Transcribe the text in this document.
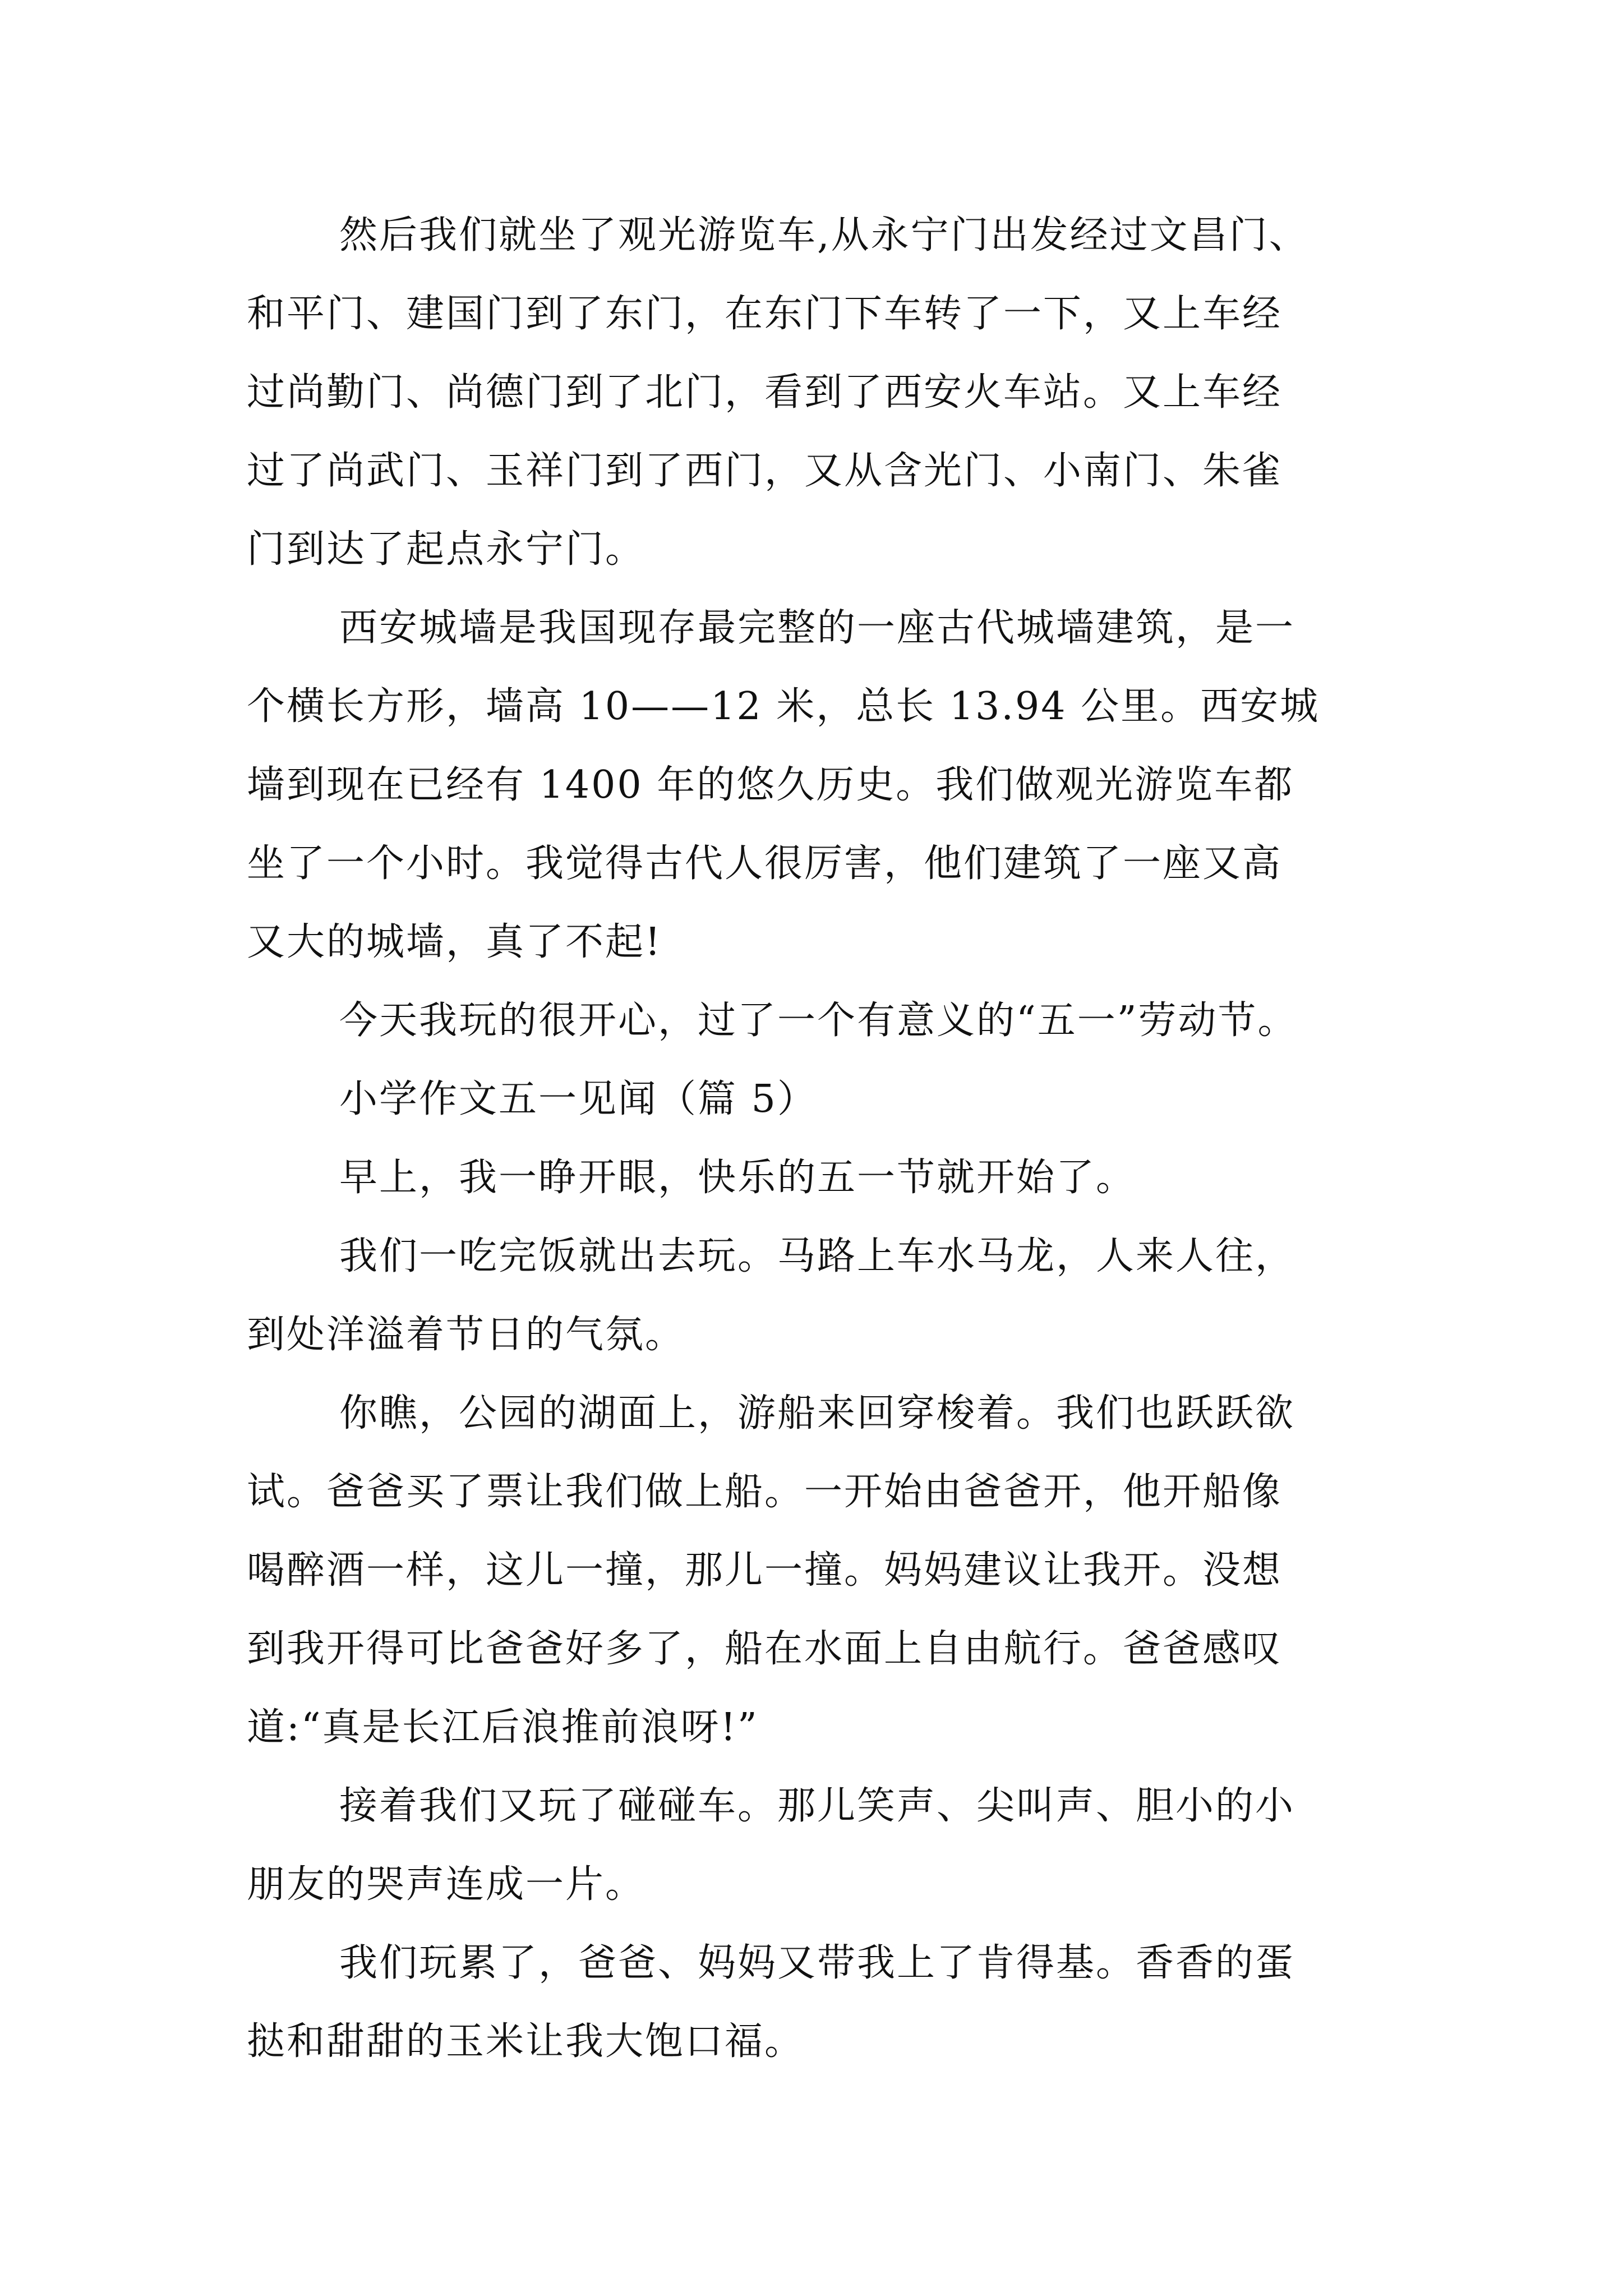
然后我们就坐了观光游览车,从永宁门出发经过文昌门、

和平门、建国门到了东门，在东门下车转了一下，又上车经

过尚勤门、尚德门到了北门，看到了西安火车站。又上车经

过了尚武门、玉祥门到了西门，又从含光门、小南门、朱雀

门到达了起点永宁门。

西安城墙是我国现存最完整的一座古代城墙建筑，是一

个横长方形，墙高 10——12 米，总长 13.94 公里。西安城

墙到现在已经有 1400 年的悠久历史。我们做观光游览车都

坐了一个小时。我觉得古代人很厉害，他们建筑了一座又高

又大的城墙，真了不起!

今天我玩的很开心，过了一个有意义的“五一”劳动节。

小学作文五一见闻（篇 5）

早上，我一睁开眼，快乐的五一节就开始了。

我们一吃完饭就出去玩。马路上车水马龙，人来人往，

到处洋溢着节日的气氛。

你瞧，公园的湖面上，游船来回穿梭着。我们也跃跃欲

试。爸爸买了票让我们做上船。一开始由爸爸开，他开船像

喝醉酒一样，这儿一撞，那儿一撞。妈妈建议让我开。没想

到我开得可比爸爸好多了，船在水面上自由航行。爸爸感叹

道:“真是长江后浪推前浪呀!”

接着我们又玩了碰碰车。那儿笑声、尖叫声、胆小的小

朋友的哭声连成一片。

我们玩累了，爸爸、妈妈又带我上了肯得基。香香的蛋

挞和甜甜的玉米让我大饱口福。
